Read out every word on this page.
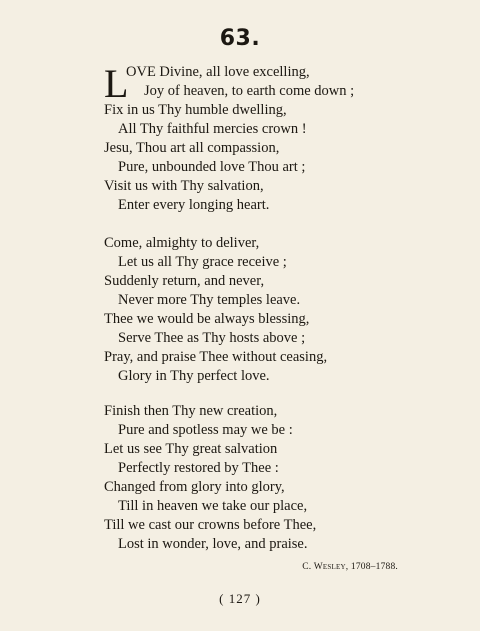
63.
L
OVE Divine, all love excelling,
Joy of heaven, to earth come down ;
Fix in us Thy humble dwelling,
All Thy faithful mercies crown !
Jesu, Thou art all compassion,
Pure, unbounded love Thou art ;
Visit us with Thy salvation,
Enter every longing heart.
Come, almighty to deliver,
Let us all Thy grace receive ;
Suddenly return, and never,
Never more Thy temples leave.
Thee we would be always blessing,
Serve Thee as Thy hosts above ;
Pray, and praise Thee without ceasing,
Glory in Thy perfect love.
Finish then Thy new creation,
Pure and spotless may we be :
Let us see Thy great salvation
Perfectly restored by Thee :
Changed from glory into glory,
Till in heaven we take our place,
Till we cast our crowns before Thee,
Lost in wonder, love, and praise.
C. Wesley, 1708–1788.
( 127 )
